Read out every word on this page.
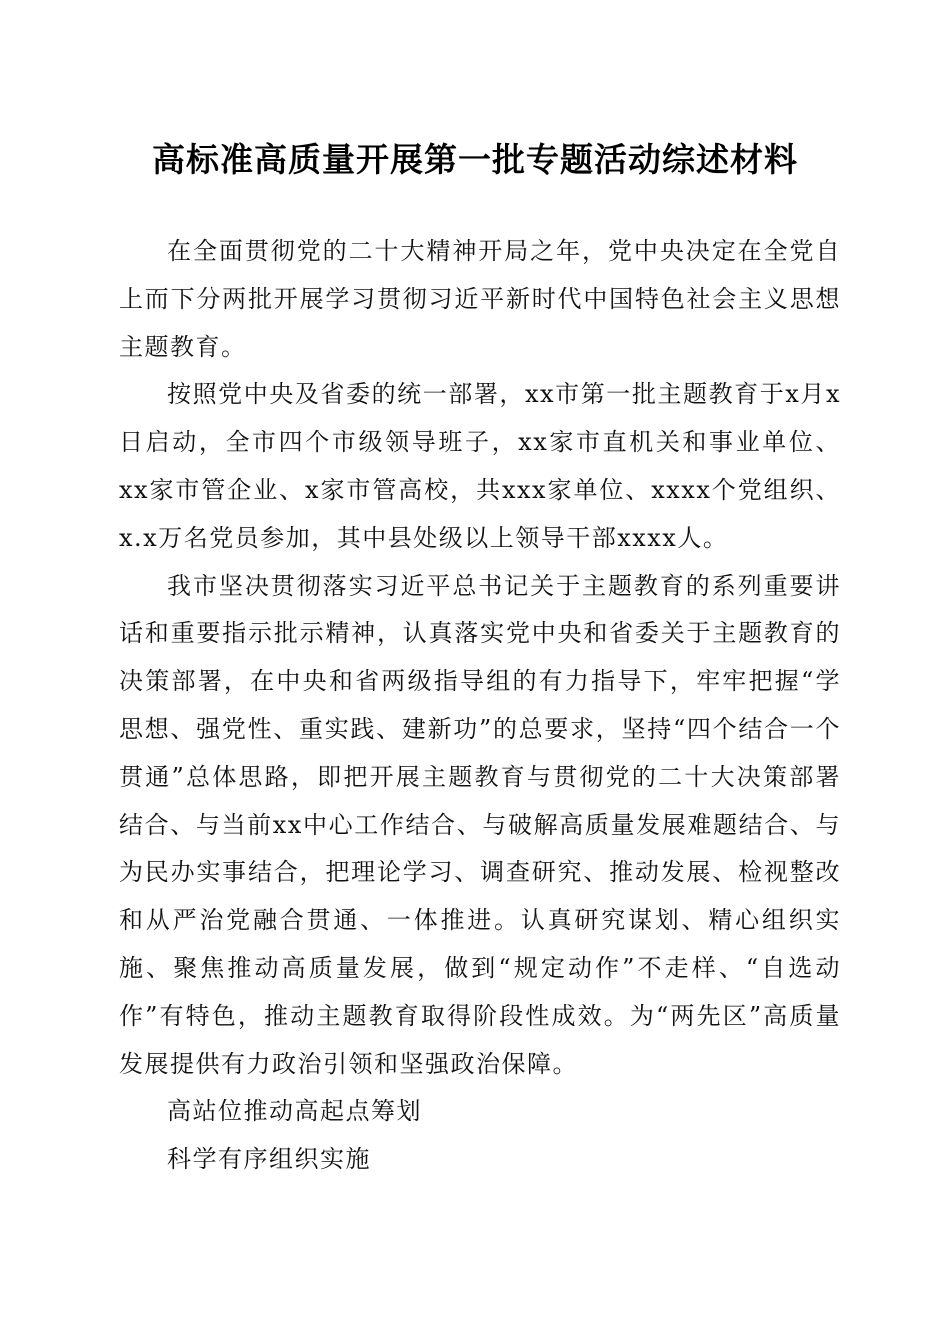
高标准高质量开展第一批专题活动综述材料

在全面贯彻党的二十大精神开局之年，党中央决定在全党自上而下分两批开展学习贯彻习近平新时代中国特色社会主义思想主题教育。

按照党中央及省委的统一部署，xx市第一批主题教育于x月x日启动，全市四个市级领导班子，xx家市直机关和事业单位、xx家市管企业、x家市管高校，共xxx家单位、xxxx个党组织、x.x万名党员参加，其中县处级以上领导干部xxxx人。

我市坚决贯彻落实习近平总书记关于主题教育的系列重要讲话和重要指示批示精神，认真落实党中央和省委关于主题教育的决策部署，在中央和省两级指导组的有力指导下，牢牢把握“学思想、强党性、重实践、建新功”的总要求，坚持“四个结合一个贯通”总体思路，即把开展主题教育与贯彻党的二十大决策部署结合、与当前xx中心工作结合、与破解高质量发展难题结合、与为民办实事结合，把理论学习、调查研究、推动发展、检视整改和从严治党融合贯通、一体推进。认真研究谋划、精心组织实施、聚焦推动高质量发展，做到“规定动作”不走样、“自选动作”有特色，推动主题教育取得阶段性成效。为“两先区”高质量发展提供有力政治引领和坚强政治保障。

高站位推动高起点筹划

科学有序组织实施
